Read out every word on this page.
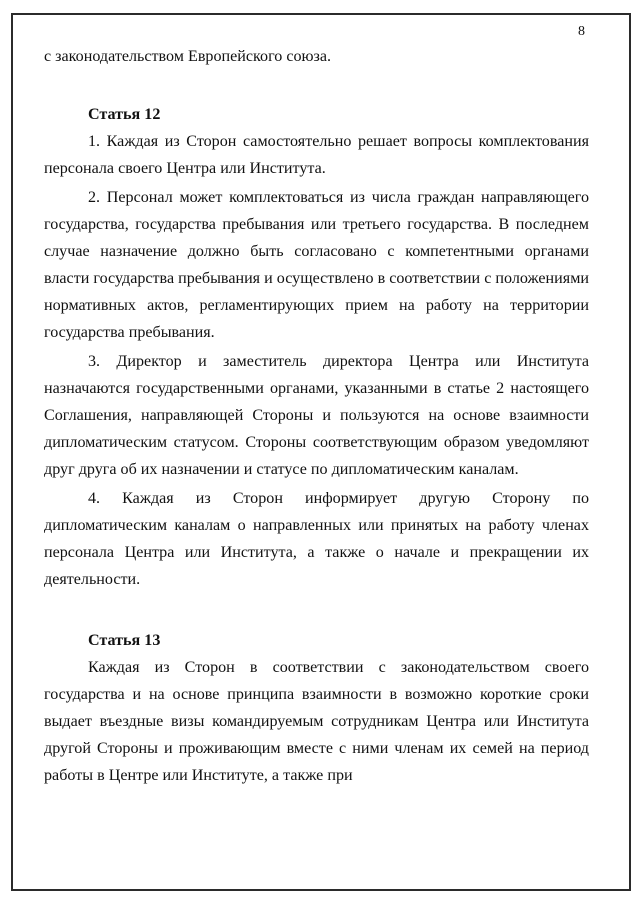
8

с законодательством Европейского союза.

Статья 12

1. Каждая из Сторон самостоятельно решает вопросы комплектования персонала своего Центра или Института.

2. Персонал может комплектоваться из числа граждан направляющего государства, государства пребывания или третьего государства. В последнем случае назначение должно быть согласовано с компетентными органами власти государства пребывания и осуществлено в соответствии с положениями нормативных актов, регламентирующих прием на работу на территории государства пребывания.

3. Директор и заместитель директора Центра или Института назначаются государственными органами, указанными в статье 2 настоящего Соглашения, направляющей Стороны и пользуются на основе взаимности дипломатическим статусом. Стороны соответствующим образом уведомляют друг друга об их назначении и статусе по дипломатическим каналам.

4. Каждая из Сторон информирует другую Сторону по дипломатическим каналам о направленных или принятых на работу членах персонала Центра или Института, а также о начале и прекращении их деятельности.

Статья 13

Каждая из Сторон в соответствии с законодательством своего государства и на основе принципа взаимности в возможно короткие сроки выдает въездные визы командируемым сотрудникам Центра или Института другой Стороны и проживающим вместе с ними членам их семей на период работы в Центре или Институте, а также при
